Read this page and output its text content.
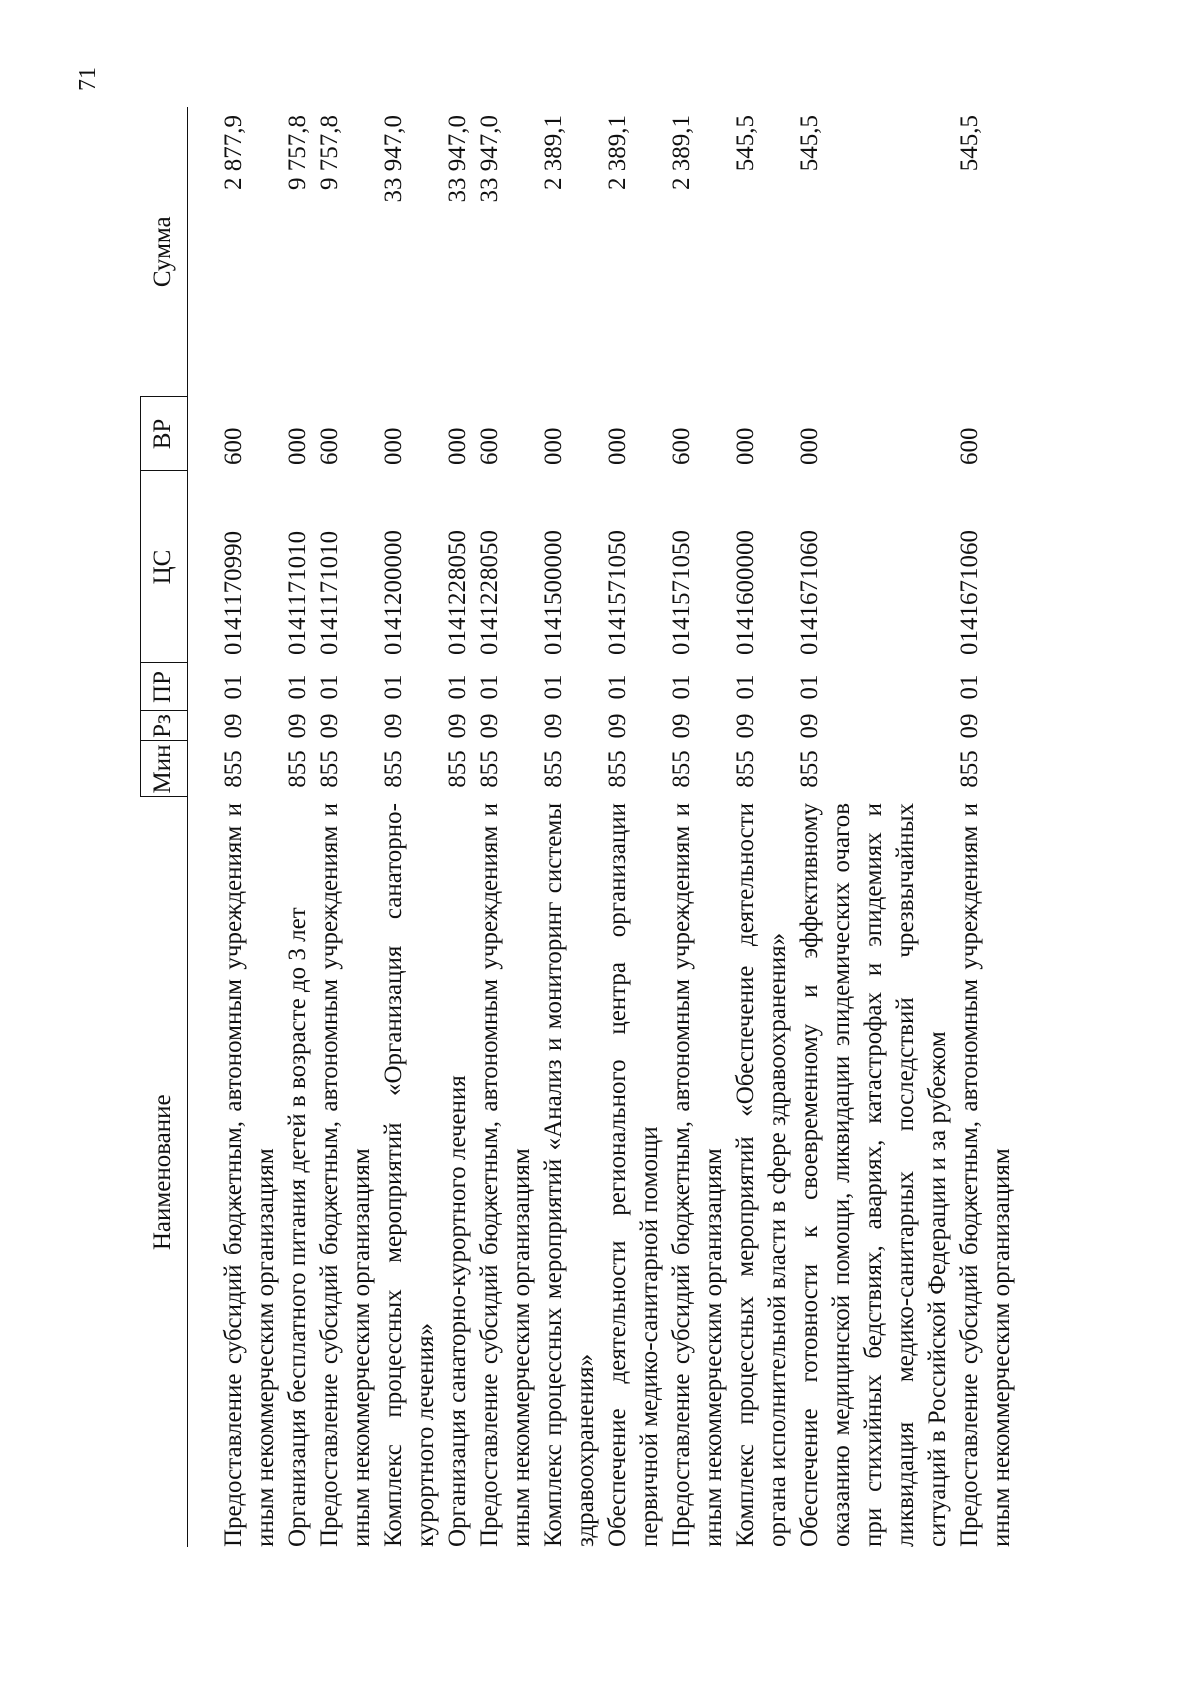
71
Наименование	Мин	Рз	ПР	ЦС	ВР	Сумма
Предоставление субсидий бюджетным, автономным учреждениям и иным некоммерческим организациям	855	09	01	0141170990	600	2 877,9
Организация бесплатного питания детей в возрасте до 3 лет	855	09	01	0141171010	000	9 757,8
Предоставление субсидий бюджетным, автономным учреждениям и иным некоммерческим организациям	855	09	01	0141171010	600	9 757,8
Комплекс процессных мероприятий «Организация санаторно-курортного лечения»	855	09	01	0141200000	000	33 947,0
Организация санаторно-курортного лечения	855	09	01	0141228050	000	33 947,0
Предоставление субсидий бюджетным, автономным учреждениям и иным некоммерческим организациям	855	09	01	0141228050	600	33 947,0
Комплекс процессных мероприятий «Анализ и мониторинг системы здравоохранения»	855	09	01	0141500000	000	2 389,1
Обеспечение деятельности регионального центра организации первичной медико-санитарной помощи	855	09	01	0141571050	000	2 389,1
Предоставление субсидий бюджетным, автономным учреждениям и иным некоммерческим организациям	855	09	01	0141571050	600	2 389,1
Комплекс процессных мероприятий «Обеспечение деятельности органа исполнительной власти в сфере здравоохранения»	855	09	01	0141600000	000	545,5
Обеспечение готовности к своевременному и эффективному оказанию медицинской помощи, ликвидации эпидемических очагов при стихийных бедствиях, авариях, катастрофах и эпидемиях и ликвидация медико-санитарных последствий чрезвычайных ситуаций в Российской Федерации и за рубежом	855	09	01	0141671060	000	545,5
Предоставление субсидий бюджетным, автономным учреждениям и иным некоммерческим организациям	855	09	01	0141671060	600	545,5
